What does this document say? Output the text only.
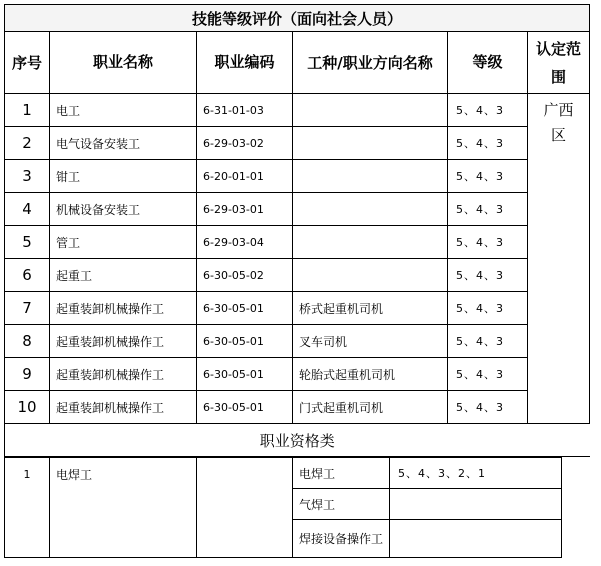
技能等级评价（面向社会人员）					
序号	职业名称	职业编码	工种/职业方向名称	等级	认定范围
1	电工	6-31-01-03		5、4、3	广西区
2	电气设备安装工	6-29-03-02		5、4、3	
3	钳工	6-20-01-01		5、4、3	
4	机械设备安装工	6-29-03-01		5、4、3	
5	管工	6-29-03-04		5、4、3	
6	起重工	6-30-05-02		5、4、3	
7	起重装卸机械操作工	6-30-05-01	桥式起重机司机	5、4、3	
8	起重装卸机械操作工	6-30-05-01	叉车司机	5、4、3	
9	起重装卸机械操作工	6-30-05-01	轮胎式起重机司机	5、4、3	
10	起重装卸机械操作工	6-30-05-01	门式起重机司机	5、4、3	
职业资格类					
1	电焊工		电焊工	5、4、3、2、1
			气焊工	
			焊接设备操作工	
